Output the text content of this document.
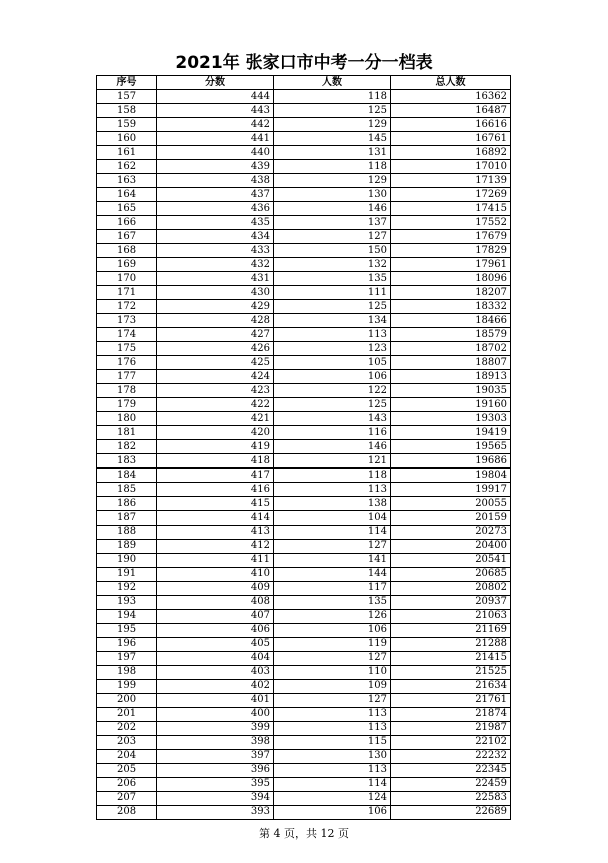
2021年 张家口市中考一分一档表
序号	分数	人数	总人数
157	444	118	16362
158	443	125	16487
159	442	129	16616
160	441	145	16761
161	440	131	16892
162	439	118	17010
163	438	129	17139
164	437	130	17269
165	436	146	17415
166	435	137	17552
167	434	127	17679
168	433	150	17829
169	432	132	17961
170	431	135	18096
171	430	111	18207
172	429	125	18332
173	428	134	18466
174	427	113	18579
175	426	123	18702
176	425	105	18807
177	424	106	18913
178	423	122	19035
179	422	125	19160
180	421	143	19303
181	420	116	19419
182	419	146	19565
183	418	121	19686
184	417	118	19804
185	416	113	19917
186	415	138	20055
187	414	104	20159
188	413	114	20273
189	412	127	20400
190	411	141	20541
191	410	144	20685
192	409	117	20802
193	408	135	20937
194	407	126	21063
195	406	106	21169
196	405	119	21288
197	404	127	21415
198	403	110	21525
199	402	109	21634
200	401	127	21761
201	400	113	21874
202	399	113	21987
203	398	115	22102
204	397	130	22232
205	396	113	22345
206	395	114	22459
207	394	124	22583
208	393	106	22689
第 4 页，共 12 页
